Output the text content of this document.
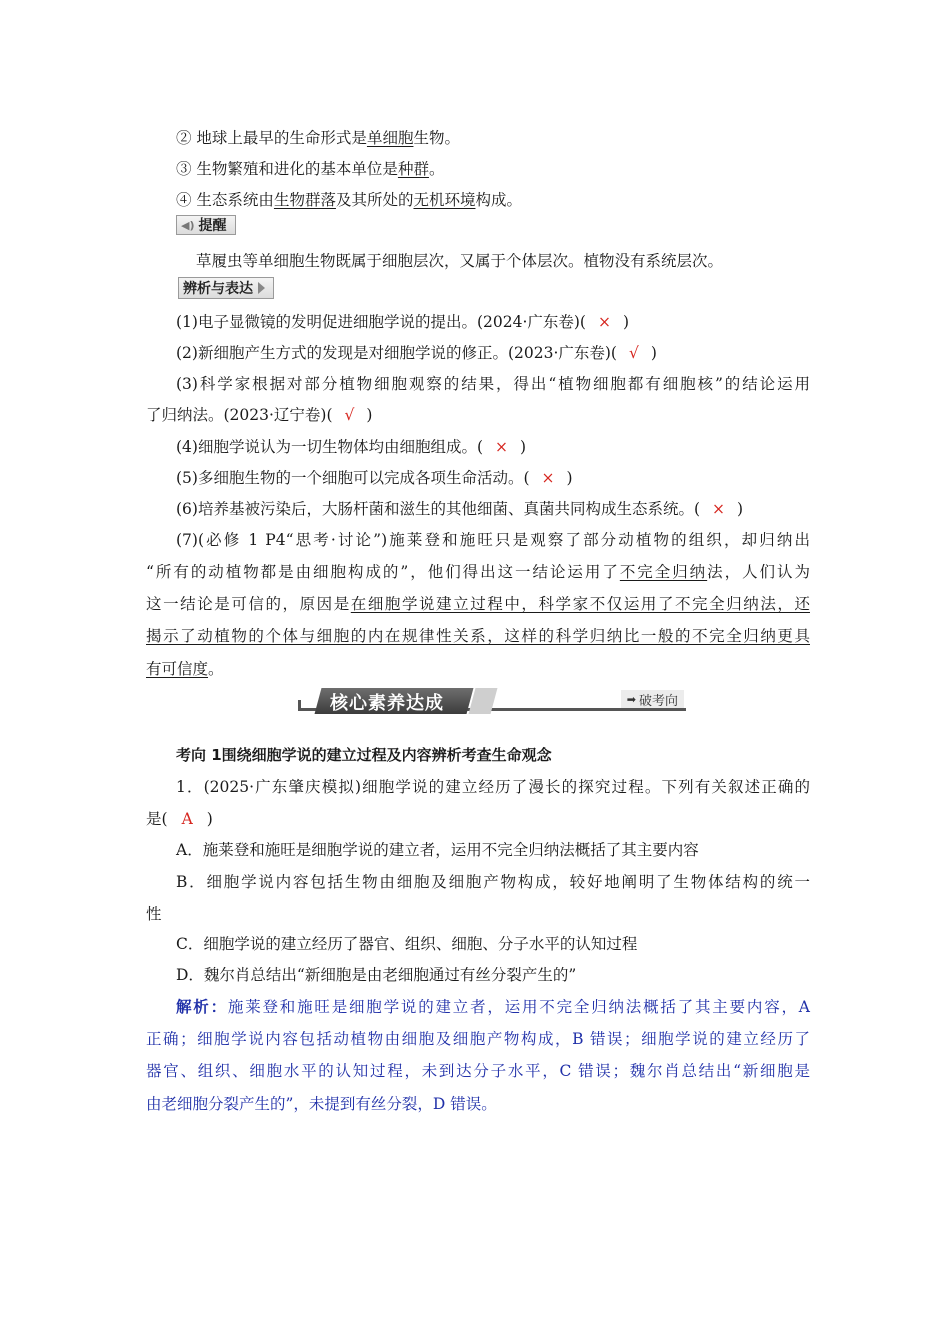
② 地球上最早的生命形式是单细胞生物。
③ 生物繁殖和进化的基本单位是种群。
④ 生态系统由生物群落及其所处的无机环境构成。
◀) 提醒
草履虫等单细胞生物既属于细胞层次，又属于个体层次。植物没有系统层次。
辨析与表达
(1)电子显微镜的发明促进细胞学说的提出。(2024·广东卷)( × )
(2)新细胞产生方式的发现是对细胞学说的修正。(2023·广东卷)( √ )
(3)科学家根据对部分植物细胞观察的结果，得出“植物细胞都有细胞核”的结论运用
了归纳法。(2023·辽宁卷)( √ )
(4)细胞学说认为一切生物体均由细胞组成。( × )
(5)多细胞生物的一个细胞可以完成各项生命活动。( × )
(6)培养基被污染后，大肠杆菌和滋生的其他细菌、真菌共同构成生态系统。( × )
(7)(必修 1 P4“思考·讨论”)施莱登和施旺只是观察了部分动植物的组织，却归纳出
“所有的动植物都是由细胞构成的”，他们得出这一结论运用了不完全归纳法，人们认为
这一结论是可信的，原因是在细胞学说建立过程中，科学家不仅运用了不完全归纳法，还
揭示了动植物的个体与细胞的内在规律性关系，这样的科学归纳比一般的不完全归纳更具
有可信度。
核心素养达成	➡ 破考向
考向 1围绕细胞学说的建立过程及内容辨析考查生命观念
1．(2025·广东肇庆模拟)细胞学说的建立经历了漫长的探究过程。下列有关叙述正确的
是( A )
A．施莱登和施旺是细胞学说的建立者，运用不完全归纳法概括了其主要内容
B．细胞学说内容包括生物由细胞及细胞产物构成，较好地阐明了生物体结构的统一
性
C．细胞学说的建立经历了器官、组织、细胞、分子水平的认知过程
D．魏尔肖总结出“新细胞是由老细胞通过有丝分裂产生的”
解析：施莱登和施旺是细胞学说的建立者，运用不完全归纳法概括了其主要内容，A
正确；细胞学说内容包括动植物由细胞及细胞产物构成，B 错误；细胞学说的建立经历了
器官、组织、细胞水平的认知过程，未到达分子水平，C 错误；魏尔肖总结出“新细胞是
由老细胞分裂产生的”，未提到有丝分裂，D 错误。
